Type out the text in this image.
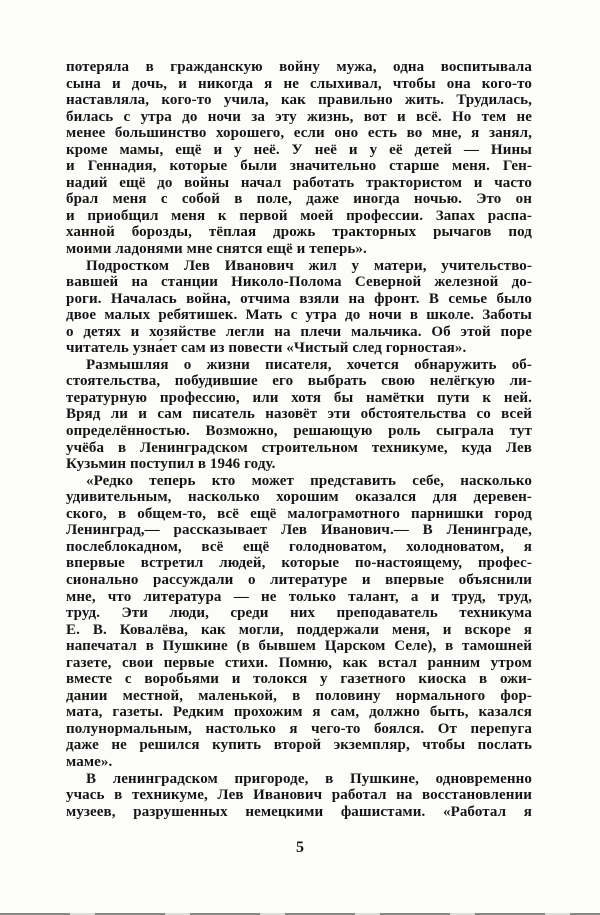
потеряла в гражданскую войну мужа, одна воспитывала
сына и дочь, и никогда я не слыхивал, чтобы она кого-то
наставляла, кого-то учила, как правильно жить. Трудилась,
билась с утра до ночи за эту жизнь, вот и всё. Но тем не
менее большинство хорошего, если оно есть во мне, я занял,
кроме мамы, ещё и у неё. У неё и у её детей — Нины
и Геннадия, которые были значительно старше меня. Ген-
надий ещё до войны начал работать трактористом и часто
брал меня с собой в поле, даже иногда ночью. Это он
и приобщил меня к первой моей профессии. Запах распа-
ханной борозды, тёплая дрожь тракторных рычагов под
моими ладонями мне снятся ещё и теперь».
Подростком Лев Иванович жил у матери, учительство-
вавшей на станции Николо-Полома Северной железной до-
роги. Началась война, отчима взяли на фронт. В семье было
двое малых ребятишек. Мать с утра до ночи в школе. Заботы
о детях и хозяйстве легли на плечи мальчика. Об этой поре
читатель узна́ет сам из повести «Чистый след горностая».
Размышляя о жизни писателя, хочется обнаружить об-
стоятельства, побудившие его выбрать свою нелёгкую ли-
тературную профессию, или хотя бы намётки пути к ней.
Вряд ли и сам писатель назовёт эти обстоятельства со всей
определённостью. Возможно, решающую роль сыграла тут
учёба в Ленинградском строительном техникуме, куда Лев
Кузьмин поступил в 1946 году.
«Редко теперь кто может представить себе, насколько
удивительным, насколько хорошим оказался для деревен-
ского, в общем-то, всё ещё малограмотного парнишки город
Ленинград,— рассказывает Лев Иванович.— В Ленинграде,
послеблокадном, всё ещё голодноватом, холодноватом, я
впервые встретил людей, которые по-настоящему, профес-
сионально рассуждали о литературе и впервые объяснили
мне, что литература — не только талант, а и труд, труд,
труд. Эти люди, среди них преподаватель техникума
Е. В. Ковалёва, как могли, поддержали меня, и вскоре я
напечатал в Пушкине (в бывшем Царском Селе), в тамошней
газете, свои первые стихи. Помню, как встал ранним утром
вместе с воробьями и толокся у газетного киоска в ожи-
дании местной, маленькой, в половину нормального фор-
мата, газеты. Редким прохожим я сам, должно быть, казался
полунормальным, настолько я чего-то боялся. От перепуга
даже не решился купить второй экземпляр, чтобы послать
маме».
В ленинградском пригороде, в Пушкине, одновременно
учась в техникуме, Лев Иванович работал на восстановлении
музеев, разрушенных немецкими фашистами. «Работал я
5
